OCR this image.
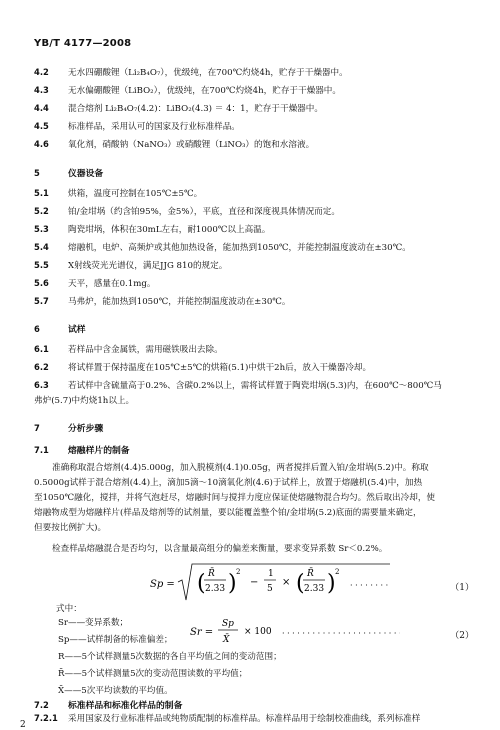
YB/T 4177—2008
4.2 无水四硼酸锂（Li₂B₄O₇），优级纯，在700℃灼烧4h，贮存于干燥器中。
4.3 无水偏硼酸锂（LiBO₂），优级纯，在700℃灼烧4h，贮存于干燥器中。
4.4 混合熔剂 Li₂B₄O₇(4.2)：LiBO₂(4.3) ＝ 4：1，贮存于干燥器中。
4.5 标准样品，采用认可的国家及行业标准样品。
4.6 氧化剂，硝酸钠（NaNO₃）或硝酸锂（LiNO₃）的饱和水溶液。
5	仪器设备
5.1 烘箱，温度可控制在105℃±5℃。
5.2 铂/金坩埚（约含铂95%，金5%），平底，直径和深度视具体情况而定。
5.3 陶瓷坩埚，体积在30mL左右，耐1000℃以上高温。
5.4 熔融机，电炉、高频炉或其他加热设备，能加热到1050℃，并能控制温度波动在±30℃。
5.5 X射线荧光光谱仪，满足JJG 810的规定。
5.6 天平，感量在0.1mg。
5.7 马弗炉，能加热到1050℃，并能控制温度波动在±30℃。
6	试样
6.1 若样品中含金属铁，需用磁铁吸出去除。
6.2 将试样置于保持温度在105℃±5℃的烘箱(5.1)中烘干2h后，放入干燥器冷却。
6.3 若试样中含硫量高于0.2%、含碳0.2%以上，需将试样置于陶瓷坩埚(5.3)内，在600℃～800℃马
弗炉(5.7)中灼烧1h以上。
7	分析步骤
7.1 熔融样片的制备
准确称取混合熔剂(4.4)5.000g，加入脱模剂(4.1)0.05g，两者搅拌后置入铂/金坩埚(5.2)中。称取
0.5000g试样于混合熔剂(4.4)上，滴加5滴～10滴氧化剂(4.6)于试样上，放置于熔融机(5.4)中，加热
至1050℃融化，搅拌，并将气泡赶尽，熔融时间与搅拌力度应保证使熔融物混合均匀。然后取出冷却，使
熔融物成型为熔融样片(样品及熔剂等的试剂量，要以能覆盖整个铂/金坩埚(5.2)底面的需要量来确定，
但要按比例扩大)。
检查样品熔融混合是否均匀，以含量最高组分的偏差来衡量，要求变异系数 Sr＜0.2%。
Sp = ( R̄
2.33 ) 2
−
1
5
× ( R̄
2.33 ) 2
· · · · · · · ·	（1）
Sr =
Sp
X̄
× 100 · · · · · · · · · · · · · · · · · · · · · · · · ·	（2）
式中：
Sr——变异系数；
Sp——试样制备的标准偏差；
R——5个试样测量5次数据的各自平均值之间的变动范围；
R̄——5个试样测量5次的变动范围读数的平均值；
X̄——5次平均读数的平均值。
7.2 标准样品和标准化样品的制备
7.2.1 采用国家及行业标准样品或纯物质配制的标准样品。标准样品用于绘制校准曲线，系列标准样
2
